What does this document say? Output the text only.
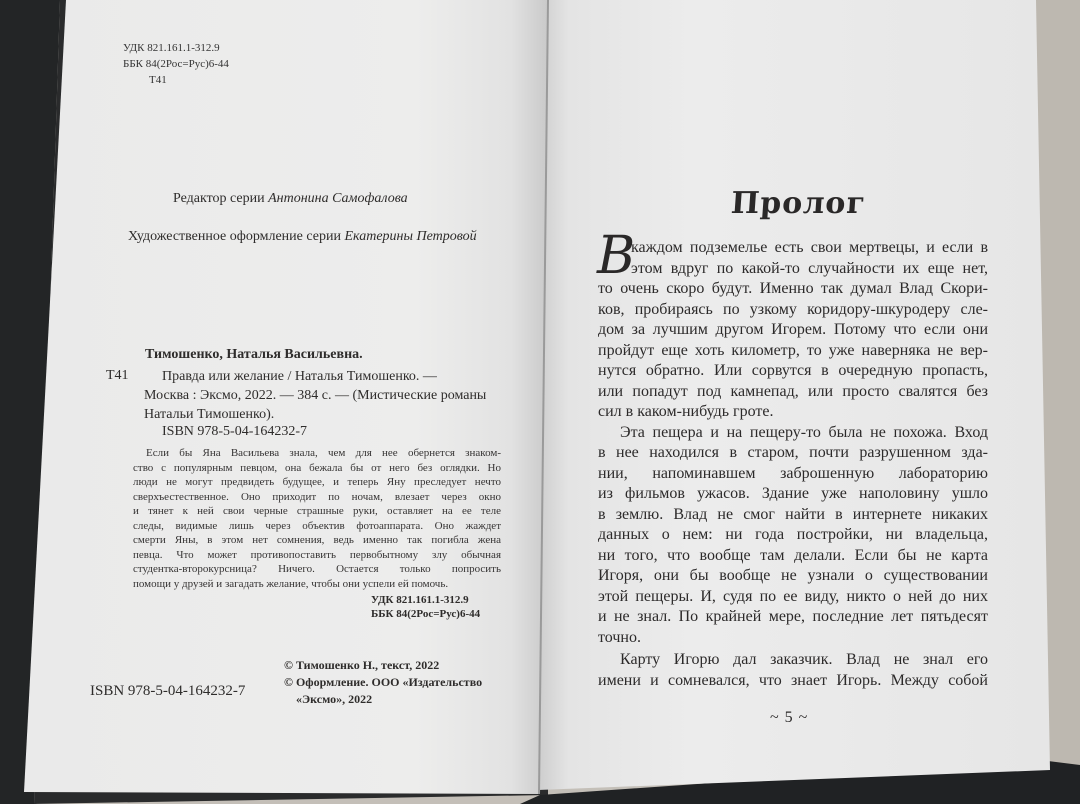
УДК 821.161.1-312.9
ББК 84(2Рос=Рус)6-44
Т41
Редактор серии Антонина Самофалова
Художественное оформление серии Екатерины Петровой
Тимошенко, Наталья Васильевна.
Т41	Правда или желание / Наталья Тимошенко. —
Москва : Эксмо, 2022. — 384 с. — (Мистические романы
Натальи Тимошенко).
ISBN 978-5-04-164232-7

Если бы Яна Васильева знала, чем для нее обернется знаком-

ство с популярным певцом, она бежала бы от него без оглядки. Но

люди не могут предвидеть будущее, и теперь Яну преследует нечто

сверхъестественное. Оно приходит по ночам, влезает через окно

и тянет к ней свои черные страшные руки, оставляет на ее теле

следы, видимые лишь через объектив фотоаппарата. Оно жаждет

смерти Яны, в этом нет сомнения, ведь именно так погибла жена

певца. Что может противопоставить первобытному злу обычная

студентка-второкурсница? Ничего. Остается только попросить

помощи у друзей и загадать желание, чтобы они успели ей помочь.

УДК 821.161.1-312.9
ББК 84(2Рос=Рус)6-44
ISBN 978-5-04-164232-7
© Тимошенко Н., текст, 2022
© Оформление. ООО «Издательство
«Эксмо», 2022
Пролог
В

каждом подземелье есть свои мертвецы, и если в

этом вдруг по какой-то случайности их еще нет,

то очень скоро будут. Именно так думал Влад Скори-

ков, пробираясь по узкому коридору-шкуродеру сле-

дом за лучшим другом Игорем. Потому что если они

пройдут еще хоть километр, то уже наверняка не вер-

нутся обратно. Или сорвутся в очередную пропасть,

или попадут под камнепад, или просто свалятся без

сил в каком-нибудь гроте.

Эта пещера и на пещеру-то была не похожа. Вход

в нее находился в старом, почти разрушенном зда-

нии, напоминавшем заброшенную лабораторию

из фильмов ужасов. Здание уже наполовину ушло

в землю. Влад не смог найти в интернете никаких

данных о нем: ни года постройки, ни владельца,

ни того, что вообще там делали. Если бы не карта

Игоря, они бы вообще не узнали о существовании

этой пещеры. И, судя по ее виду, никто о ней до них

и не знал. По крайней мере, последние лет пятьдесят

точно.

Карту Игорю дал заказчик. Влад не знал его

имени и сомневался, что знает Игорь. Между собой

~ 5 ~
